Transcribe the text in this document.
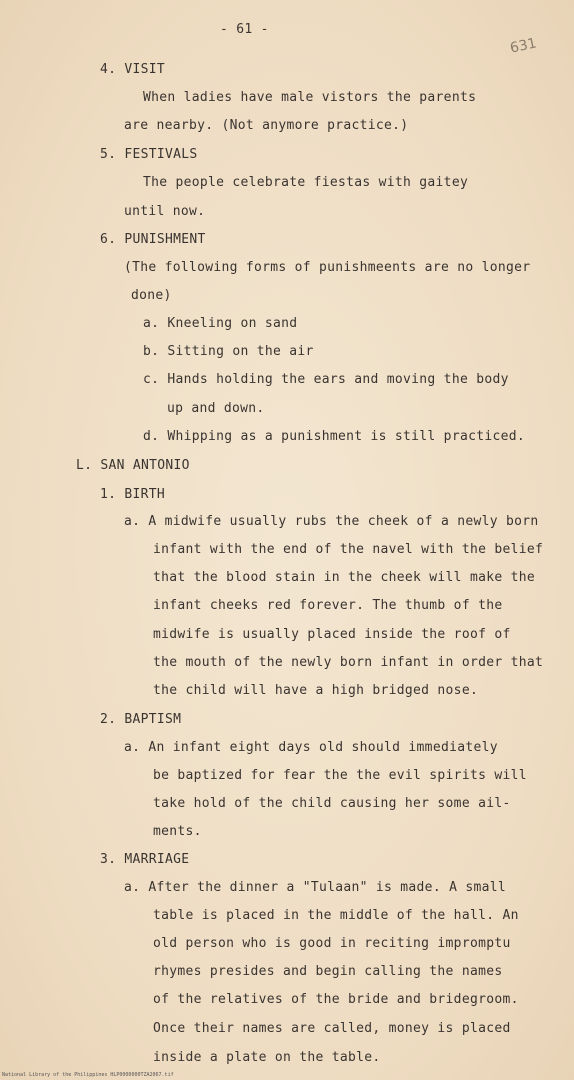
- 61 -
631
4. VISIT
When ladies have male vistors the parents
are nearby. (Not anymore practice.)
5. FESTIVALS
The people celebrate fiestas with gaitey
until now.
6. PUNISHMENT
(The following forms of punishmeents are no longer
done)
a. Kneeling on sand
b. Sitting on the air
c. Hands holding the ears and moving the body
up and down.
d. Whipping as a punishment is still practiced.
L. SAN ANTONIO
1. BIRTH
a. A midwife usually rubs the cheek of a newly born
infant with the end of the navel with the belief
that the blood stain in the cheek will make the
infant cheeks red forever. The thumb of the
midwife is usually placed inside the roof of
the mouth of the newly born infant in order that
the child will have a high bridged nose.
2. BAPTISM
a. An infant eight days old should immediately
be baptized for fear the the evil spirits will
take hold of the child causing her some ail-
ments.
3. MARRIAGE
a. After the dinner a "Tulaan" is made. A small
table is placed in the middle of the hall. An
old person who is good in reciting impromptu
rhymes presides and begin calling the names
of the relatives of the bride and bridegroom.
Once their names are called, money is placed
inside a plate on the table.
National Library of the Philippines HLP0000000TZA2067.tif
